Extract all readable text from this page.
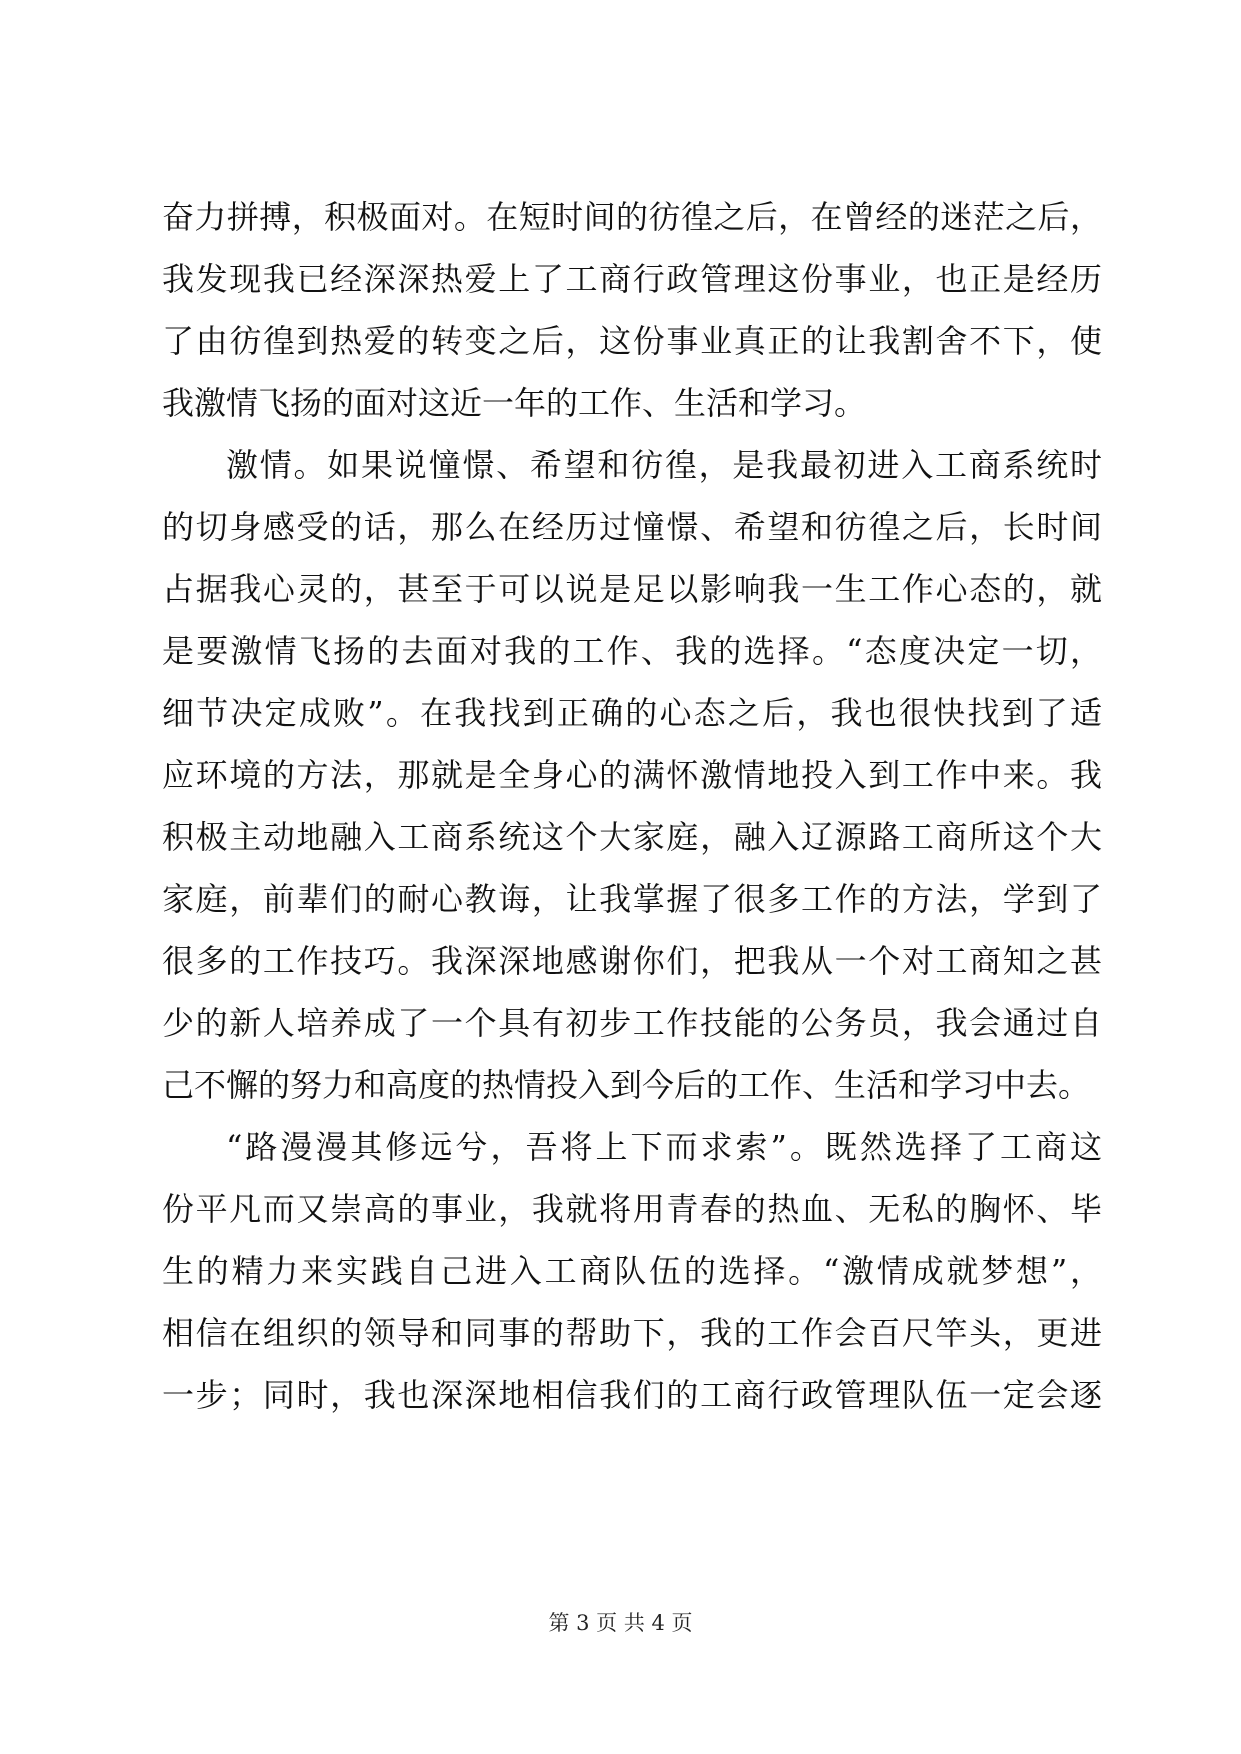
奋力拼搏，积极面对。在短时间的彷徨之后，在曾经的迷茫之后，
我发现我已经深深热爱上了工商行政管理这份事业，也正是经历
了由彷徨到热爱的转变之后，这份事业真正的让我割舍不下，使
我激情飞扬的面对这近一年的工作、生活和学习。
激情。如果说憧憬、希望和彷徨，是我最初进入工商系统时
的切身感受的话，那么在经历过憧憬、希望和彷徨之后，长时间
占据我心灵的，甚至于可以说是足以影响我一生工作心态的，就
是要激情飞扬的去面对我的工作、我的选择。“态度决定一切，
细节决定成败”。在我找到正确的心态之后，我也很快找到了适
应环境的方法，那就是全身心的满怀激情地投入到工作中来。我
积极主动地融入工商系统这个大家庭，融入辽源路工商所这个大
家庭，前辈们的耐心教诲，让我掌握了很多工作的方法，学到了
很多的工作技巧。我深深地感谢你们，把我从一个对工商知之甚
少的新人培养成了一个具有初步工作技能的公务员，我会通过自
己不懈的努力和高度的热情投入到今后的工作、生活和学习中去。
“路漫漫其修远兮，吾将上下而求索”。既然选择了工商这
份平凡而又崇高的事业，我就将用青春的热血、无私的胸怀、毕
生的精力来实践自己进入工商队伍的选择。“激情成就梦想”，
相信在组织的领导和同事的帮助下，我的工作会百尺竿头，更进
一步；同时，我也深深地相信我们的工商行政管理队伍一定会逐
第 3 页 共 4 页
